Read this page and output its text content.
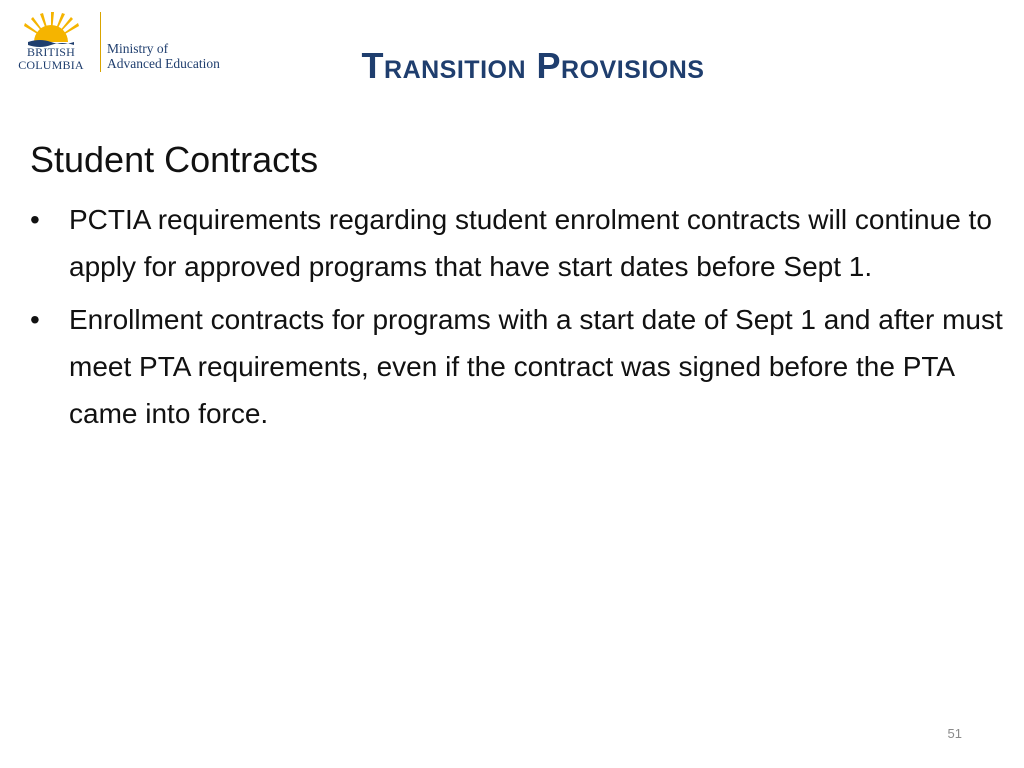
BRITISH
COLUMBIA
Ministry of
Advanced Education	Transition Provisions
Student Contracts
•	PCTIA requirements regarding student enrolment contracts will continue to apply for approved programs that have start dates before Sept 1.
•	Enrollment contracts for programs with a start date of Sept 1 and after must meet PTA requirements, even if the contract was signed before the PTA came into force.
51
